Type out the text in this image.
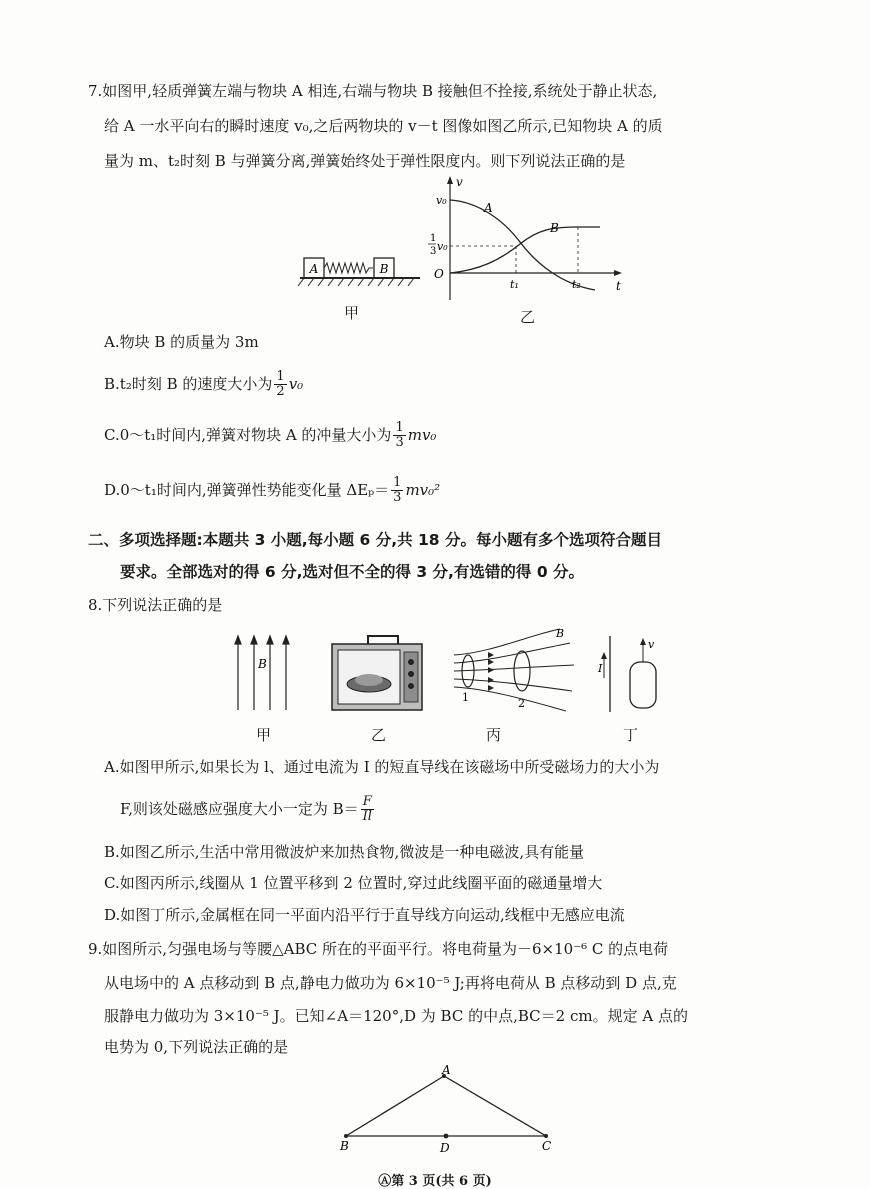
7.如图甲,轻质弹簧左端与物块 A 相连,右端与物块 B 接触但不拴接,系统处于静止状态,
给 A 一水平向右的瞬时速度 v₀,之后两物块的 v－t 图像如图乙所示,已知物块 A 的质
量为 m、t₂时刻 B 与弹簧分离,弹簧始终处于弹性限度内。则下列说法正确的是
A	B
甲
v
t
O
v₀
1
3 v₀
A
B
t₁	t₂
乙
A.物块 B 的质量为 3m
B.t₂时刻 B 的速度大小为 $\frac{1}{2} v_0$
C.0～t₁时间内,弹簧对物块 A 的冲量大小为 $\frac{1}{3} mv_0$
D.0～t₁时间内,弹簧弹性势能变化量 $\Delta E_p= \frac{1}{3} mv_0^2$
二、多项选择题:本题共 3 小题,每小题 6 分,共 18 分。每小题有多个选项符合题目
要求。全部选对的得 6 分,选对但不全的得 3 分,有选错的得 0 分。
8.下列说法正确的是
B
B
1	2
I
v
甲	乙	丙	丁
A.如图甲所示,如果长为 l、通过电流为 I 的短直导线在该磁场中所受磁场力的大小为
F,则该处磁感应强度大小一定为 $B= \frac{F}{Il}$
B.如图乙所示,生活中常用微波炉来加热食物,微波是一种电磁波,具有能量
C.如图丙所示,线圈从 1 位置平移到 2 位置时,穿过此线圈平面的磁通量增大
D.如图丁所示,金属框在同一平面内沿平行于直导线方向运动,线框中无感应电流
9.如图所示,匀强电场与等腰△ABC 所在的平面平行。将电荷量为－6×10⁻⁶ C 的点电荷
从电场中的 A 点移动到 B 点,静电力做功为 6×10⁻⁵ J;再将电荷从 B 点移动到 D 点,克
服静电力做功为 3×10⁻⁵ J。已知∠A＝120°,D 为 BC 的中点,BC＝2 cm。规定 A 点的
电势为 0,下列说法正确的是
A
B	C
D
Ⓐ第 3 页(共 6 页)
